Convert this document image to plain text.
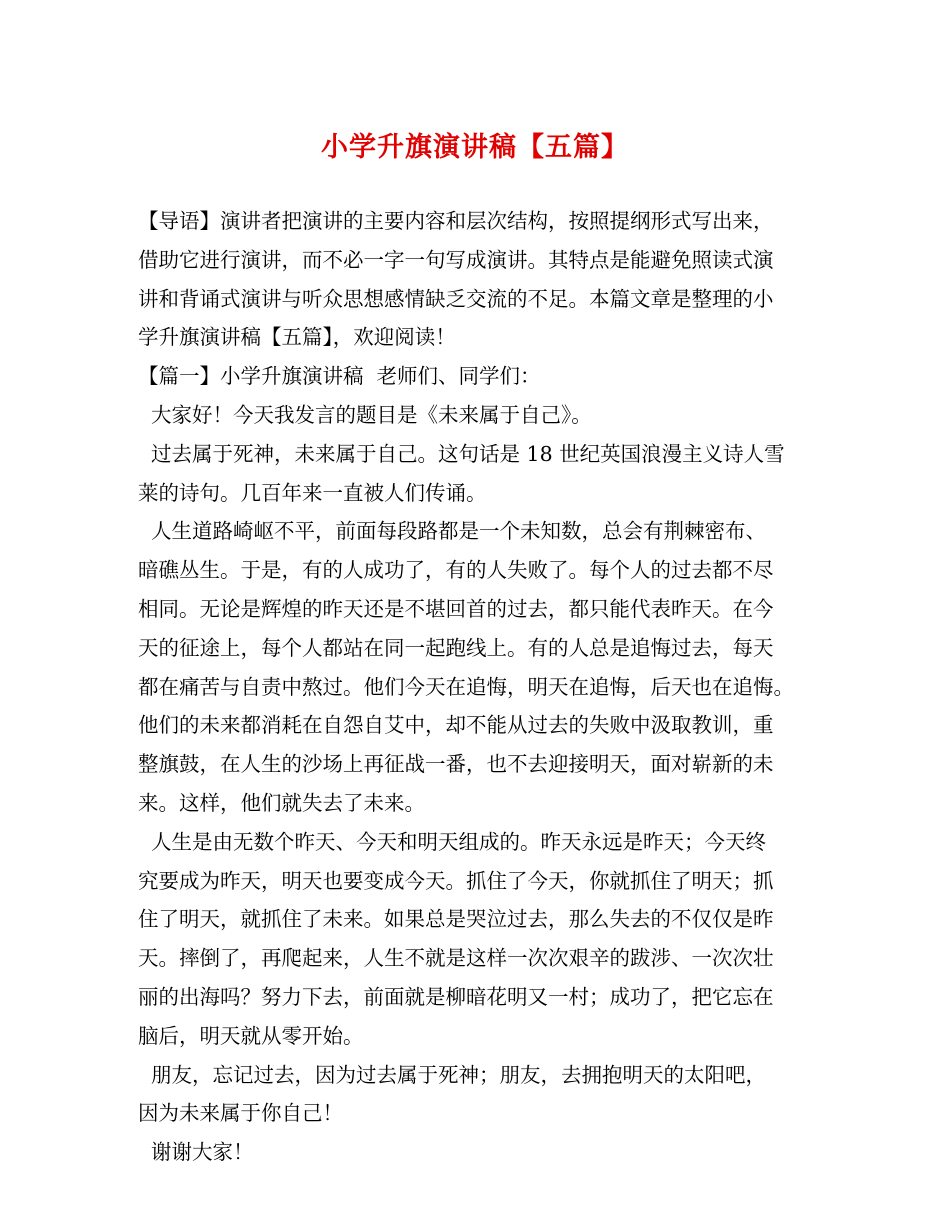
小学升旗演讲稿【五篇】

【导语】演讲者把演讲的主要内容和层次结构，按照提纲形式写出来，
借助它进行演讲，而不必一字一句写成演讲。其特点是能避免照读式演
讲和背诵式演讲与听众思想感情缺乏交流的不足。本篇文章是整理的小
学升旗演讲稿【五篇】，欢迎阅读！

【篇一】小学升旗演讲稿  老师们、同学们：

大家好！今天我发言的题目是《未来属于自己》。

过去属于死神，未来属于自己。这句话是 18 世纪英国浪漫主义诗人雪
莱的诗句。几百年来一直被人们传诵。

人生道路崎岖不平，前面每段路都是一个未知数，总会有荆棘密布、
暗礁丛生。于是，有的人成功了，有的人失败了。每个人的过去都不尽
相同。无论是辉煌的昨天还是不堪回首的过去，都只能代表昨天。在今
天的征途上，每个人都站在同一起跑线上。有的人总是追悔过去，每天
都在痛苦与自责中熬过。他们今天在追悔，明天在追悔，后天也在追悔。
他们的未来都消耗在自怨自艾中，却不能从过去的失败中汲取教训，重
整旗鼓，在人生的沙场上再征战一番，也不去迎接明天，面对崭新的未
来。这样，他们就失去了未来。

人生是由无数个昨天、今天和明天组成的。昨天永远是昨天；今天终
究要成为昨天，明天也要变成今天。抓住了今天，你就抓住了明天；抓
住了明天，就抓住了未来。如果总是哭泣过去，那么失去的不仅仅是昨
天。摔倒了，再爬起来，人生不就是这样一次次艰辛的跋涉、一次次壮
丽的出海吗？努力下去，前面就是柳暗花明又一村；成功了，把它忘在
脑后，明天就从零开始。

朋友，忘记过去，因为过去属于死神；朋友，去拥抱明天的太阳吧，
因为未来属于你自己！

谢谢大家！
